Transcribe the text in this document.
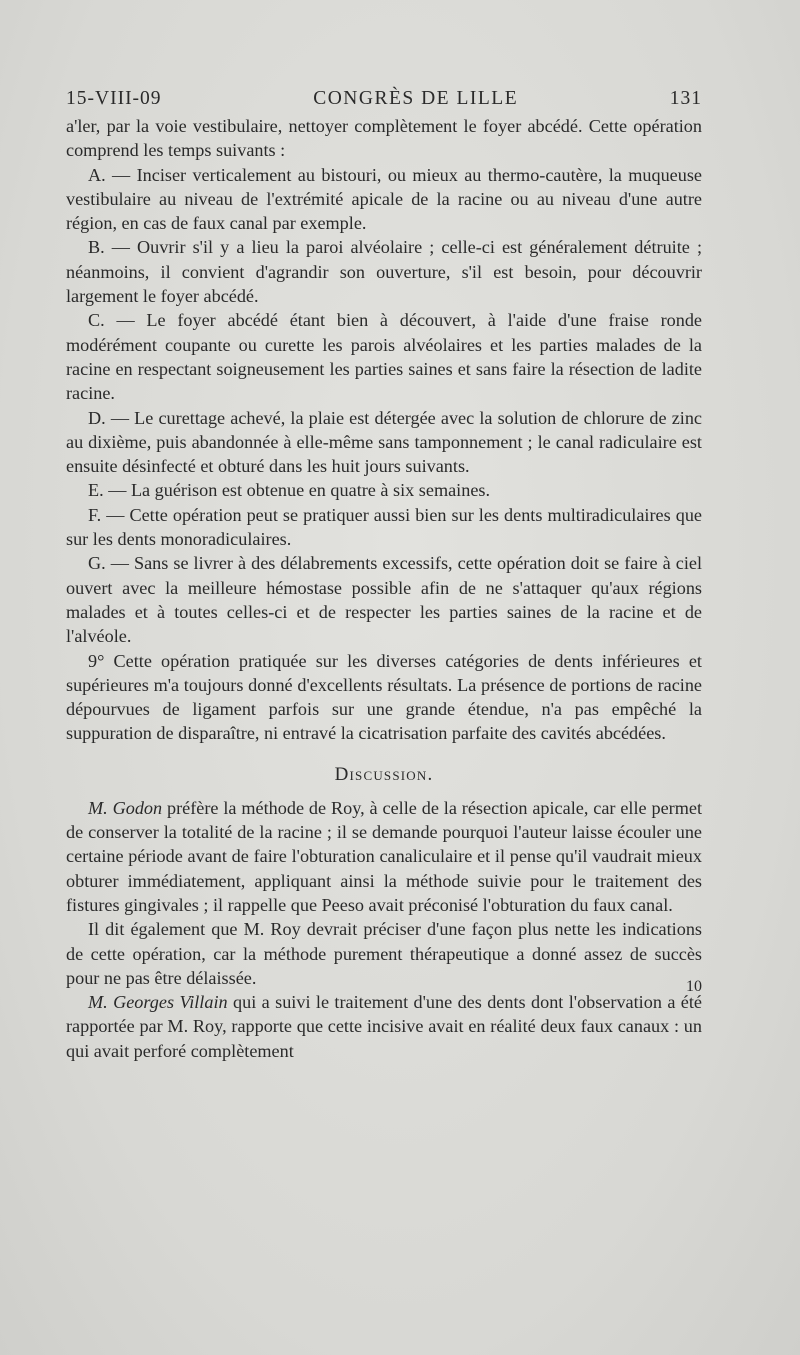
15-VIII-09	CONGRÈS DE LILLE	131

a'ler, par la voie vestibulaire, nettoyer complètement le foyer abcédé. Cette opération comprend les temps suivants :

A. — Inciser verticalement au bistouri, ou mieux au thermo-cautère, la muqueuse vestibulaire au niveau de l'extrémité apicale de la racine ou au niveau d'une autre région, en cas de faux canal par exemple.

B. — Ouvrir s'il y a lieu la paroi alvéolaire ; celle-ci est généralement détruite ; néanmoins, il convient d'agrandir son ouverture, s'il est besoin, pour découvrir largement le foyer abcédé.

C. — Le foyer abcédé étant bien à découvert, à l'aide d'une fraise ronde modérément coupante ou curette les parois alvéolaires et les parties malades de la racine en respectant soigneusement les parties saines et sans faire la résection de ladite racine.

D. — Le curettage achevé, la plaie est détergée avec la solution de chlorure de zinc au dixième, puis abandonnée à elle-même sans tamponnement ; le canal radiculaire est ensuite désinfecté et obturé dans les huit jours suivants.

E. — La guérison est obtenue en quatre à six semaines.

F. — Cette opération peut se pratiquer aussi bien sur les dents multiradiculaires que sur les dents monoradiculaires.

G. — Sans se livrer à des délabrements excessifs, cette opération doit se faire à ciel ouvert avec la meilleure hémostase possible afin de ne s'attaquer qu'aux régions malades et à toutes celles-ci et de respecter les parties saines de la racine et de l'alvéole.

9° Cette opération pratiquée sur les diverses catégories de dents inférieures et supérieures m'a toujours donné d'excellents résultats. La présence de portions de racine dépourvues de ligament parfois sur une grande étendue, n'a pas empêché la suppuration de disparaître, ni entravé la cicatrisation parfaite des cavités abcédées.

Discussion.

M. Godon préfère la méthode de Roy, à celle de la résection apicale, car elle permet de conserver la totalité de la racine ; il se demande pourquoi l'auteur laisse écouler une certaine période avant de faire l'obturation canaliculaire et il pense qu'il vaudrait mieux obturer immédiatement, appliquant ainsi la méthode suivie pour le traitement des fistures gingivales ; il rappelle que Peeso avait préconisé l'obturation du faux canal.

Il dit également que M. Roy devrait préciser d'une façon plus nette les indications de cette opération, car la méthode purement thérapeutique a donné assez de succès pour ne pas être délaissée.

M. Georges Villain qui a suivi le traitement d'une des dents dont l'observation a été rapportée par M. Roy, rapporte que cette incisive avait en réalité deux faux canaux : un qui avait perforé complètement

10
